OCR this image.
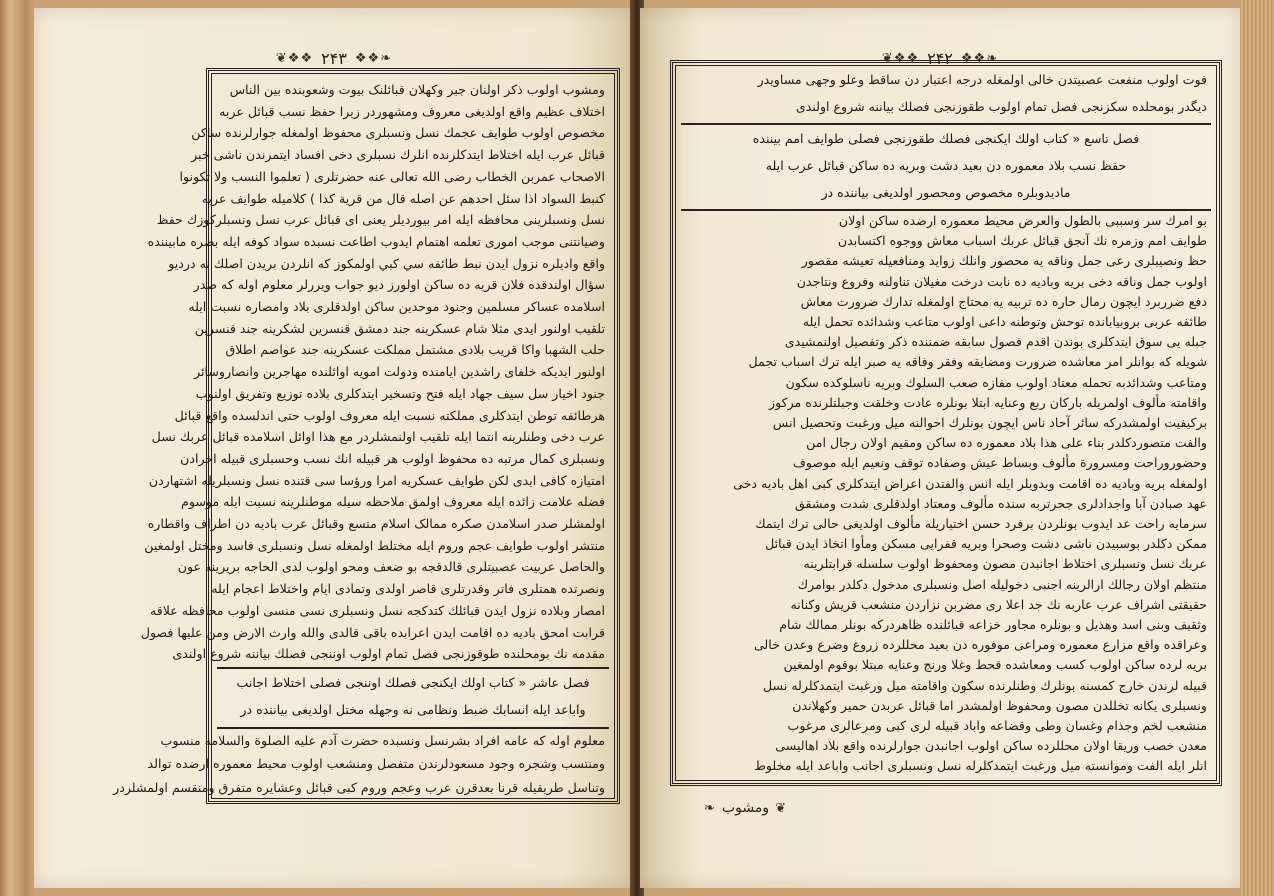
❦❖❖ ۲۴۳ ❖❖❧
ومشوب اولوب ذکر اولنان جبر وکهلان قبائلنک بیوت وشعوبنده بین الناس
اختلاف عظیم واقع اولدیغی معروف ومشهوردر زیرا حفظ نسب قبائل عربه
مخصوص اولوب طوایف عجمك نسل ونسبلری محفوظ اولمغله جوارلرنده ساکن
قبائل عرب ایله اختلاط ایتدکلرنده انلرك نسبلری دخی افساد ایتمرندن ناشی خبر
الاصحاب عمربن الخطاب رضی الله تعالی عنه حضرتلری ( تعلموا النسب ولا تکونوا
کنبط السواد اذا سئل احدهم عن اصله قال من قریة کذا ) کلامیله طوایف عربه
نسل ونسبلرینی محافظه ایله امر بیوردیلر یعنی ای قبائل عرب نسل ونسبلرکوزك حفظ
وصیانتنی موجب اموری تعلمه اهتمام ایدوب اطاعت نسبده سواد کوفه ایله بصره مابیننده
واقع واديلره نزول ايدن نبط طائفه سي کبي اولمکوز که انلردن بریدن اصلك نه دردیو
سؤال اولندقده فلان قریه ده ساکن اولورز دیو جواب ویررلر معلوم اوله که صدر
اسلامده عساکر مسلمین وجنود موحدین ساکن اولدقلری بلاد وامصاره نسبت ایله
تلقیب اولنور ایدی مثلا شام عسکرینه جند دمشق قنسرین لشکرینه جند قنسرین
حلب الشهبا واکا قریب بلادی مشتمل مملکت عسکرینه جند عواصم اطلاق
اولنور ایدیکه خلفای راشدین ایامنده ودولت امویه اوائلنده مهاجرین وانصاروسائر
جنود اخیار سل سیف جهاد ایله فتح وتسخیر ایتدکلری بلاده توزیع وتفریق اولنوب
هرطائفه توطن ایتدکلری مملکته نسبت ایله معروف اولوب حتی اندلسده واقع قبائل
عرب دخی وطنلرینه انتما ایله تلقیب اولنمشلردر مع هذا اوائل اسلامده قبائل عربك نسل
ونسبلری کمال مرتبه ده محفوظ اولوب هر قبیله انك نسب وحسبلری قبیله اخرادن
امتیازه کافی ایدی لکن طوایف عسکریه امرا ورؤسا سی قتنده نسل ونسبلریله اشتهاردن
فضله علامت زائده ایله معروف اولمق ملاحظه سیله موطنلرینه نسبت ایله موسوم
اولمشلر صدر اسلامدن صکره ممالک اسلام متسع وقبائل عرب بادیه دن اطراف واقطاره
منتشر اولوب طوایف عجم وروم ایله مختلط اولمغله نسل ونسبلری فاسد ومختل اولمغین
والحاصل عربیت عصبیتلری قالدقجه بو ضعف ومحو اولوب لدی الحاجه بریرینه عون
ونصرتده همتلری فاتر وقدرتلری قاصر اولدی وتمادی ایام واختلاط اعجام ایله
امصار وبلاده نزول ایدن قبائلك کتدکجه نسل ونسبلری نسی منسی اولوب محافظه علاقه
قرابت امحق بادیه ده اقامت ایدن اعرابده باقی قالدی والله وارث الارض ومن علیها فصول
مقدمه نك بومحلنده طوقوزنجی فصل تمام اولوب اوننجی فصلك بیاننه شروع اولندی
فصل عاشر « کتاب اولك ایکنجی فصلك اوننجی فصلی اختلاط اجانب
واباعد ایله انسابك ضبط ونظامی نه وجهله مختل اولدیغی بیاننده در
معلوم اوله که عامه افراد بشرنسل ونسبده حضرت آدم علیه الصلوة والسلامه منسوب
ومنتسب وشجره وجود مسعودلرندن متفصل ومنشعب اولوب محیط معموره ارضده توالد
وتناسل طریقیله قرنا بعدقرن عرب وعجم وروم کبی قبائل وعشایره متفرق ومنقسم اولمشلردر
❦❖❖ ۲۴۲ ❖❖❧
فوت اولوب منفعت عصبیتدن خالی اولمغله درجه اعتبار دن ساقط وعلو وجهی مساویدر
دیگدر بومحلده سکزنجی فصل تمام اولوب طقوزنجی فصلك بیاننه شروع اولندی
فصل تاسع « کتاب اولك ایکنجی فصلك طقوزنجی فصلی طوایف امم بیننده
حفظ نسب بلاد معموره دن بعید دشت وبریه ده ساکن قبائل عرب ایله
مادیدوبلره مخصوص ومحصور اولدیغی بیاننده در
بو امرك سر وسببی بالطول والعرض محیط معموره ارضده ساکن اولان
طوایف امم وزمره نك آنجق قبائل عربك اسباب معاش ووجوه اکتسابدن
حظ ونصیبلری رعی جمل وناقه یه محصور وانلك زواید ومنافعیله تعیشه مقصور
اولوب جمل وناقه دخی بریه وبادیه ده نابت درخت مغیلان تناولنه وفروع ونتاجدن
دفع ضرربرد ایچون رمال حاره ده تربیه یه محتاج اولمغله تدارك ضرورت معاش
طائفه عربی بروبیابانده توحش وتوطنه داعی اولوب متاعب وشدائده تحمل ایله
جبله یی سوق ایتدکلری بوندن اقدم فصول سابقه ضمننده ذکر وتفصیل اولنمشیدی
شویله که بوانلر امر معاشده ضرورت ومضایقه وفقر وفاقه یه صبر ایله ترك اسباب تجمل
ومتاعب وشدائدبه تحمله معتاد اولوب مفازه صعب السلوك وبریه ناسلوکده سکون
واقامته مألوف اولمریله بارکان ربع وعنایه ابتلا بونلره عادت وخلقت وجبلتلرنده مرکوز
برکیفیت اولمشدرکه سائر آحاد ناس ایچون بونلرك احوالنه میل ورغبت وتحصیل انس
والفت متصوردکلدر بناء علی هذا بلاد معموره ده ساکن ومقیم اولان رجال امن
وحضوروراحت ومسرورة مألوف وبساط عیش وصفاده توقف ونعیم ایله موصوف
اولمغله بریه وبادیه ده اقامت وبدویلر ایله انس والفتدن اعراض ایتدکلری کبی اهل بادیه دخی
عهد صبادن آبا واجدادلری جحرتربه سنده مألوف ومعتاد اولدقلری شدت ومشقق
سرمایه راحت عد ایدوب بونلردن برفرد حسن اختیاریله مألوف اولدیغی حالی ترك ایتمك
ممکن دکلدر بوسبیدن ناشی دشت وصحرا وبریه قفرایی مسکن ومأوا اتخاذ ایدن قبائل
عربك نسل ونسبلری اختلاط اجانبدن مصون ومحفوظ اولوب سلسله قرابتلرینه
منتظم اولان رجالك ارالرینه اجنبی دخولیله اصل ونسبلری مدخول دکلدر بوامرك
حقیقتی اشراف عرب عاربه نك جد اعلا ری مضربن نزاردن منشعب قریش وکنانه
وثقیف وبنی اسد وهذیل و بونلره مجاور خزاعه قبائلنده ظاهردرکه بونلر ممالك شام
وعراقده واقع مزارع معموره ومراعی موفوره دن بعید محللرده زروع وضرع وعدن خالی
بریه لرده ساکن اولوب کسب ومعاشده قحط وغلا ورنج وعنایه مبتلا بوقوم اولمغین
قبیله لرندن خارج کمسنه بونلرك وطنلرنده سکون واقامته میل ورغبت ایتمدکلرله نسل
ونسبلری یکانه تخللدن مصون ومحفوظ اولمشدر اما قبائل عربدن حمیر وکهلاندن
منشعب لخم وجذام وغسان وطی وقضاعه واباد قبیله لری کبی ومرعالری مرغوب
معدن خصب وریقا اولان محللرده ساکن اولوب اجانبدن جوارلرنده واقع بلاد اهالیسی
انلر ایله الفت وموانسته میل ورغبت ایتمدکلرله نسل ونسبلری اجانب واباعد ایله مخلوط
❦
ومشوب
❧
